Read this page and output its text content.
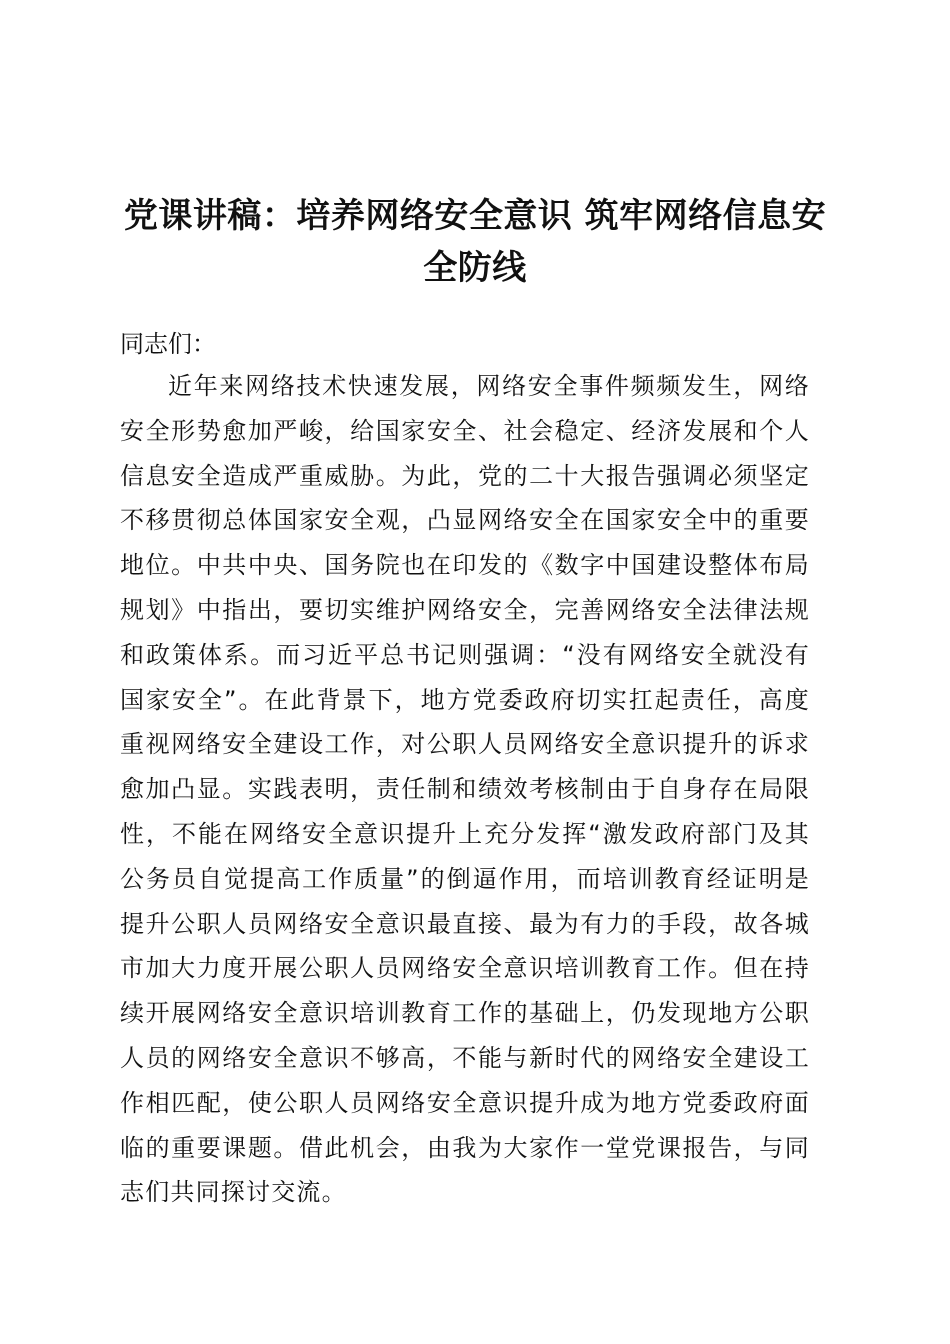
党课讲稿：培养网络安全意识 筑牢网络信息安全防线

同志们：

近年来网络技术快速发展，网络安全事件频频发生，网络安全形势愈加严峻，给国家安全、社会稳定、经济发展和个人信息安全造成严重威胁。为此，党的二十大报告强调必须坚定不移贯彻总体国家安全观，凸显网络安全在国家安全中的重要地位。中共中央、国务院也在印发的《数字中国建设整体布局规划》中指出，要切实维护网络安全，完善网络安全法律法规和政策体系。而习近平总书记则强调：“没有网络安全就没有国家安全”。在此背景下，地方党委政府切实扛起责任，高度重视网络安全建设工作，对公职人员网络安全意识提升的诉求愈加凸显。实践表明，责任制和绩效考核制由于自身存在局限性，不能在网络安全意识提升上充分发挥“激发政府部门及其公务员自觉提高工作质量”的倒逼作用，而培训教育经证明是提升公职人员网络安全意识最直接、最为有力的手段，故各城市加大力度开展公职人员网络安全意识培训教育工作。但在持续开展网络安全意识培训教育工作的基础上，仍发现地方公职人员的网络安全意识不够高，不能与新时代的网络安全建设工作相匹配，使公职人员网络安全意识提升成为地方党委政府面临的重要课题。借此机会，由我为大家作一堂党课报告，与同志们共同探讨交流。
